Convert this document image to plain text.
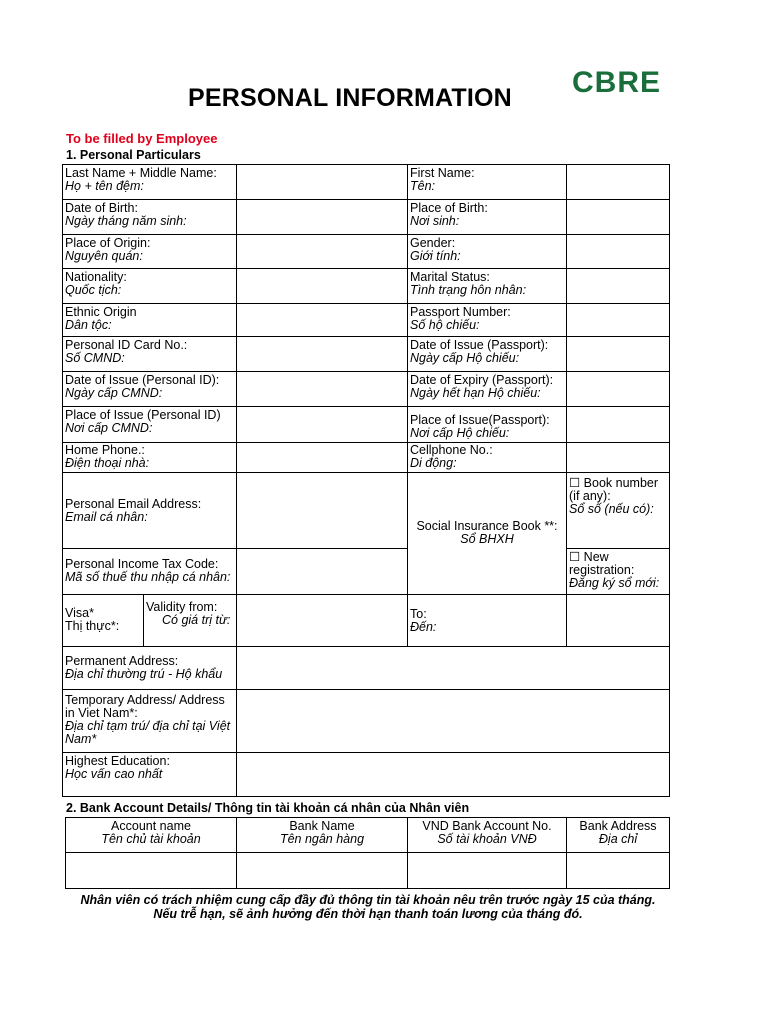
CBRE
PERSONAL INFORMATION
To be filled by Employee
1. Personal Particulars
Last Name + Middle Name:
Họ + tên đệm:
First Name:
Tên:
Date of Birth:
Ngày tháng năm sinh:
Place of Birth:
Nơi sinh:
Place of Origin:
Nguyên quán:
Gender:
Giới tính:
Nationality:
Quốc tịch:
Marital Status:
Tình trạng hôn nhân:
Ethnic Origin
Dân tộc:
Passport Number:
Số hộ chiếu:
Personal ID Card No.:
Số CMND:
Date of Issue (Passport):
Ngày cấp Hộ chiếu:
Date of Issue (Personal ID):
Ngày cấp CMND:
Date of Expiry (Passport):
Ngày hết hạn Hộ chiếu:
Place of Issue (Personal ID)
Nơi cấp CMND:
Place of Issue(Passport):
Nơi cấp Hộ chiếu:
Home Phone.:
Điện thoại nhà:
Cellphone No.:
Di động:
Personal Email Address:
Email cá nhân:
Personal Income Tax Code:
Mã số thuế thu nhập cá nhân:
Social Insurance Book **:
Sổ BHXH
☐ Book number (if any):
Sổ số (nếu có):
☐ New registration:
Đăng ký sổ mới:
Visa*
Thị thực*:
Validity from:
Có giá trị từ:	To:
Đến:
Permanent Address:
Địa chỉ thường trú - Hộ khẩu
Temporary Address/ Address in Viet Nam*:
Địa chỉ tạm trú/ địa chỉ tại Việt Nam*
Highest Education:
Học vấn cao nhất
2. Bank Account Details/ Thông tin tài khoản cá nhân của Nhân viên
Account name
Tên chủ tài khoản
Bank Name
Tên ngân hàng
VND Bank Account No.
Số tài khoản VNĐ
Bank Address
Địa chỉ
Nhân viên có trách nhiệm cung cấp đầy đủ thông tin tài khoản nêu trên trước ngày 15 của tháng.
Nếu trễ hạn, sẽ ảnh hưởng đến thời hạn thanh toán lương của tháng đó.
